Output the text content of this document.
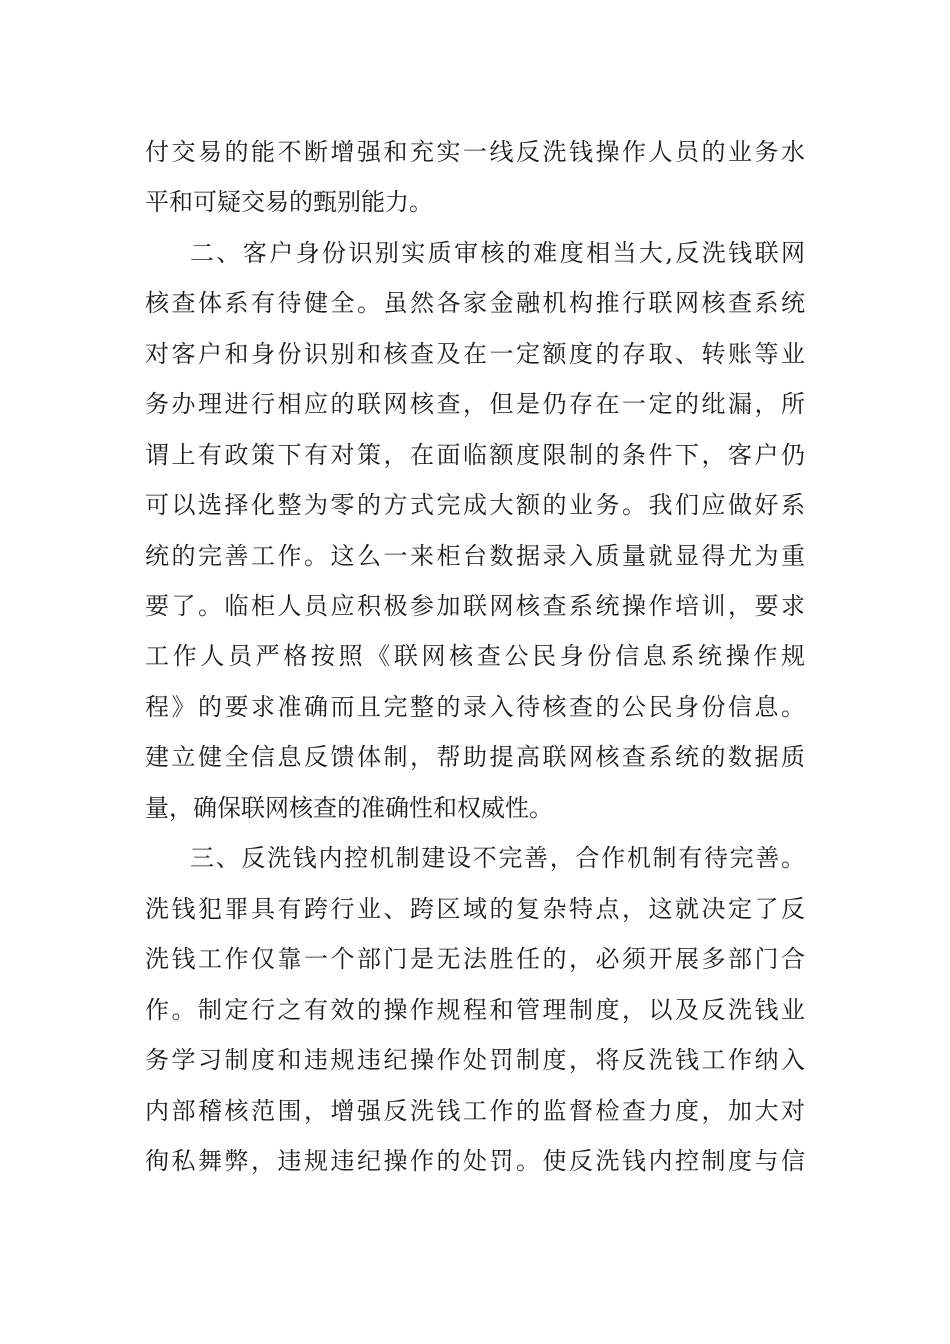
付交易的能不断增强和充实一线反洗钱操作人员的业务水
平和可疑交易的甄别能力。
二、客户身份识别实质审核的难度相当大,反洗钱联网
核查体系有待健全。虽然各家金融机构推行联网核查系统
对客户和身份识别和核查及在一定额度的存取、转账等业
务办理进行相应的联网核查，但是仍存在一定的纰漏，所
谓上有政策下有对策，在面临额度限制的条件下，客户仍
可以选择化整为零的方式完成大额的业务。我们应做好系
统的完善工作。这么一来柜台数据录入质量就显得尤为重
要了。临柜人员应积极参加联网核查系统操作培训，要求
工作人员严格按照《联网核查公民身份信息系统操作规
程》的要求准确而且完整的录入待核查的公民身份信息。
建立健全信息反馈体制，帮助提高联网核查系统的数据质
量，确保联网核查的准确性和权威性。
三、反洗钱内控机制建设不完善，合作机制有待完善。
洗钱犯罪具有跨行业、跨区域的复杂特点，这就决定了反
洗钱工作仅靠一个部门是无法胜任的，必须开展多部门合
作。制定行之有效的操作规程和管理制度，以及反洗钱业
务学习制度和违规违纪操作处罚制度，将反洗钱工作纳入
内部稽核范围，增强反洗钱工作的监督检查力度，加大对
徇私舞弊，违规违纪操作的处罚。使反洗钱内控制度与信
